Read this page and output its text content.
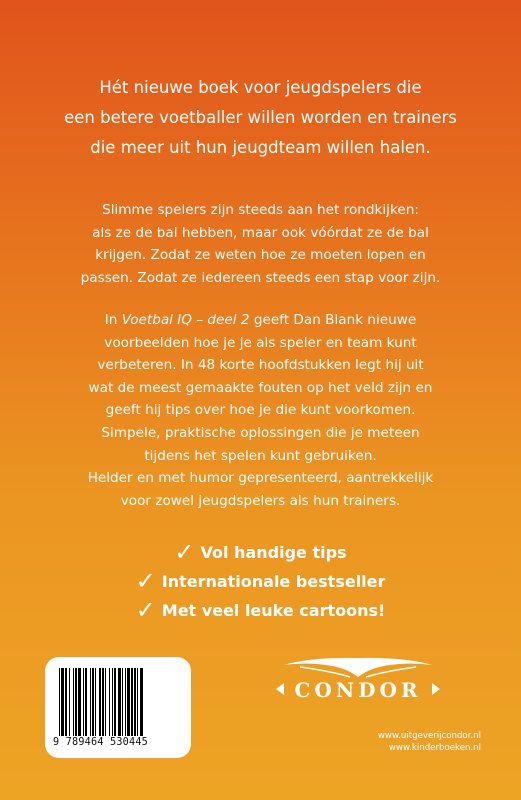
Hét nieuwe boek voor jeugdspelers die
een betere voetballer willen worden en trainers
die meer uit hun jeugdteam willen halen.

Slimme spelers zijn steeds aan het rondkijken:
als ze de bal hebben, maar ook vóórdat ze de bal
krijgen. Zodat ze weten hoe ze moeten lopen en
passen. Zodat ze iedereen steeds een stap voor zijn.

In Voetbal IQ – deel 2 geeft Dan Blank nieuwe
voorbeelden hoe je je als speler en team kunt
verbeteren. In 48 korte hoofdstukken legt hij uit
wat de meest gemaakte fouten op het veld zijn en
geeft hij tips over hoe je die kunt voorkomen.
Simpele, praktische oplossingen die je meteen
tijdens het spelen kunt gebruiken.
Helder en met humor gepresenteerd, aantrekkelijk
voor zowel jeugdspelers als hun trainers.

✓ Vol handige tips
✓ Internationale bestseller
✓ Met veel leuke cartoons!
9 789464 530445
CONDOR
www.uitgeverijcondor.nl
www.kinderboeken.nl
